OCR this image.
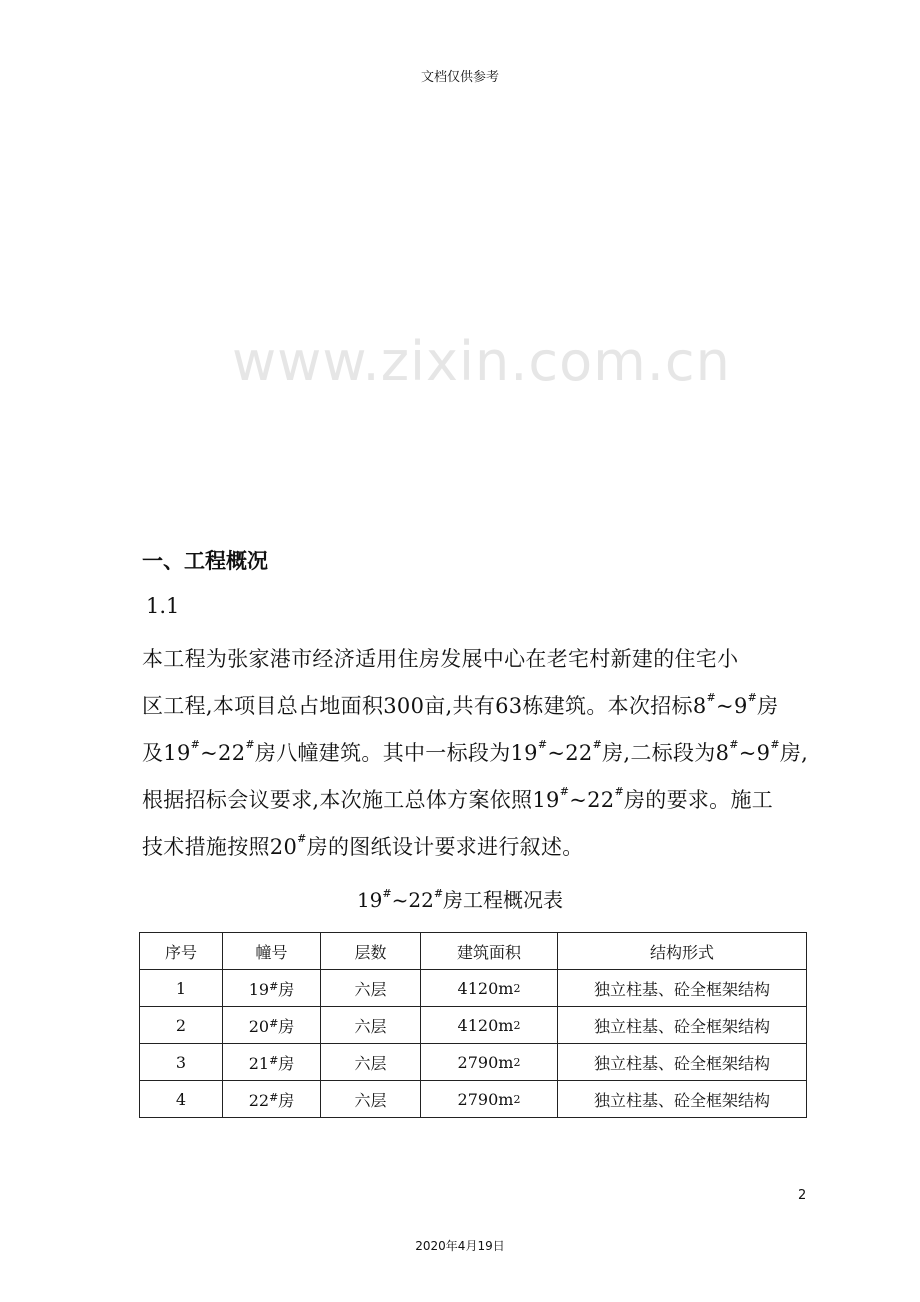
文档仅供参考
www.zixin.com.cn
一、工程概况
1.1
本工程为张家港市经济适用住房发展中心在老宅村新建的住宅小
区工程,本项目总占地面积300亩,共有63栋建筑。本次招标8#~9#房
及19#~22#房八幢建筑。其中一标段为19#~22#房,二标段为8#~9#房,
根据招标会议要求,本次施工总体方案依照19#~22#房的要求。施工
技术措施按照20#房的图纸设计要求进行叙述。
19#~22#房工程概况表
序号	幢号	层数	建筑面积	结构形式
1	19#房	六层	$4120m^2$	独立柱基、砼全框架结构
2	20#房	六层	$4120m^2$	独立柱基、砼全框架结构
3	21#房	六层	$2790m^2$	独立柱基、砼全框架结构
4	22#房	六层	$2790m^2$	独立柱基、砼全框架结构
2
2020年4月19日
